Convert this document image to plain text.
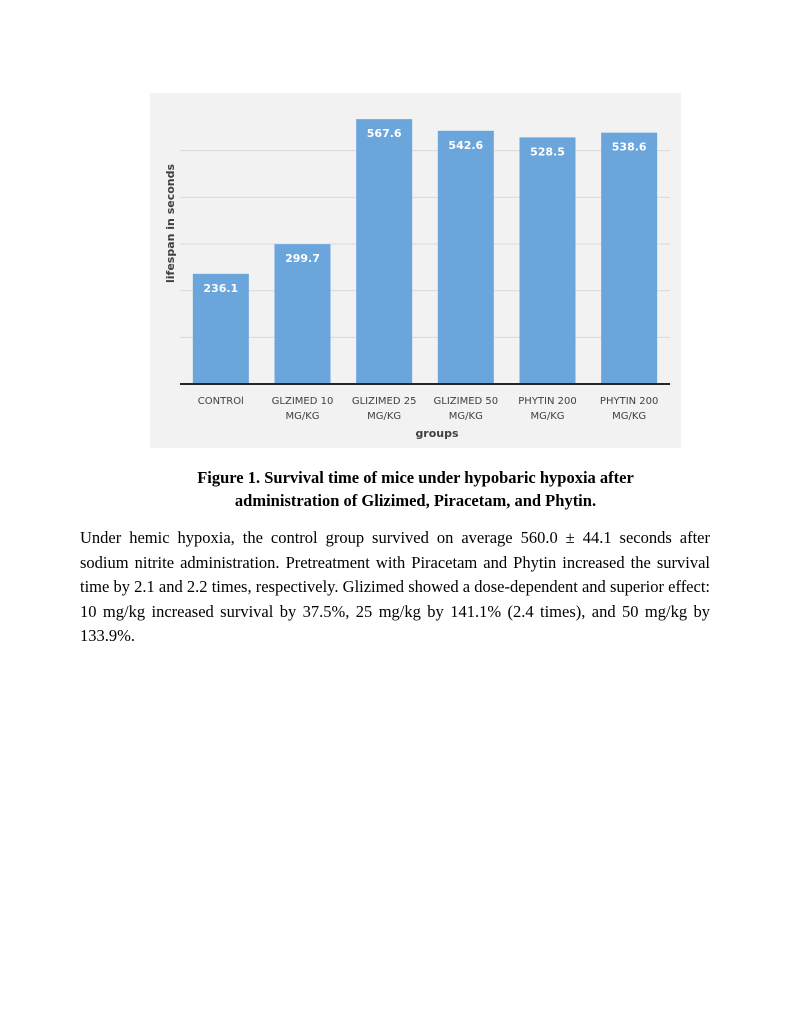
236.1
299.7
567.6
542.6
528.5	538.6
CONTROl	GLZIMED 10
MG/KG
GLIZIMED 25
MG/KG
GLIZIMED 50
MG/KG
PHYTIN 200
MG/KG
PHYTIN 200
MG/KG
lifespan in seconds
groups
Figure 1. Survival time of mice under hypobaric hypoxia after
administration of Glizimed, Piracetam, and Phytin.

Under hemic hypoxia, the control group survived on average 560.0 ± 44.1 seconds after sodium nitrite administration. Pretreatment with Piracetam and Phytin increased the survival time by 2.1 and 2.2 times, respectively. Glizimed showed a dose-dependent and superior effect: 10 mg/kg increased survival by 37.5%, 25 mg/kg by 141.1% (2.4 times), and 50 mg/kg by 133.9%.
